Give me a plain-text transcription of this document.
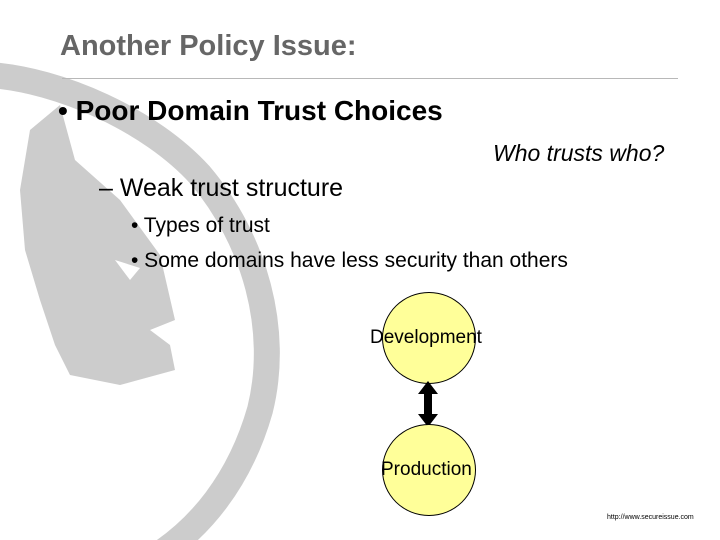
Another Policy Issue:
• Poor Domain Trust Choices
Who trusts who?
– Weak trust structure
• Types of trust
• Some domains have less security than others
Development
Production
http://www.secureissue.com
